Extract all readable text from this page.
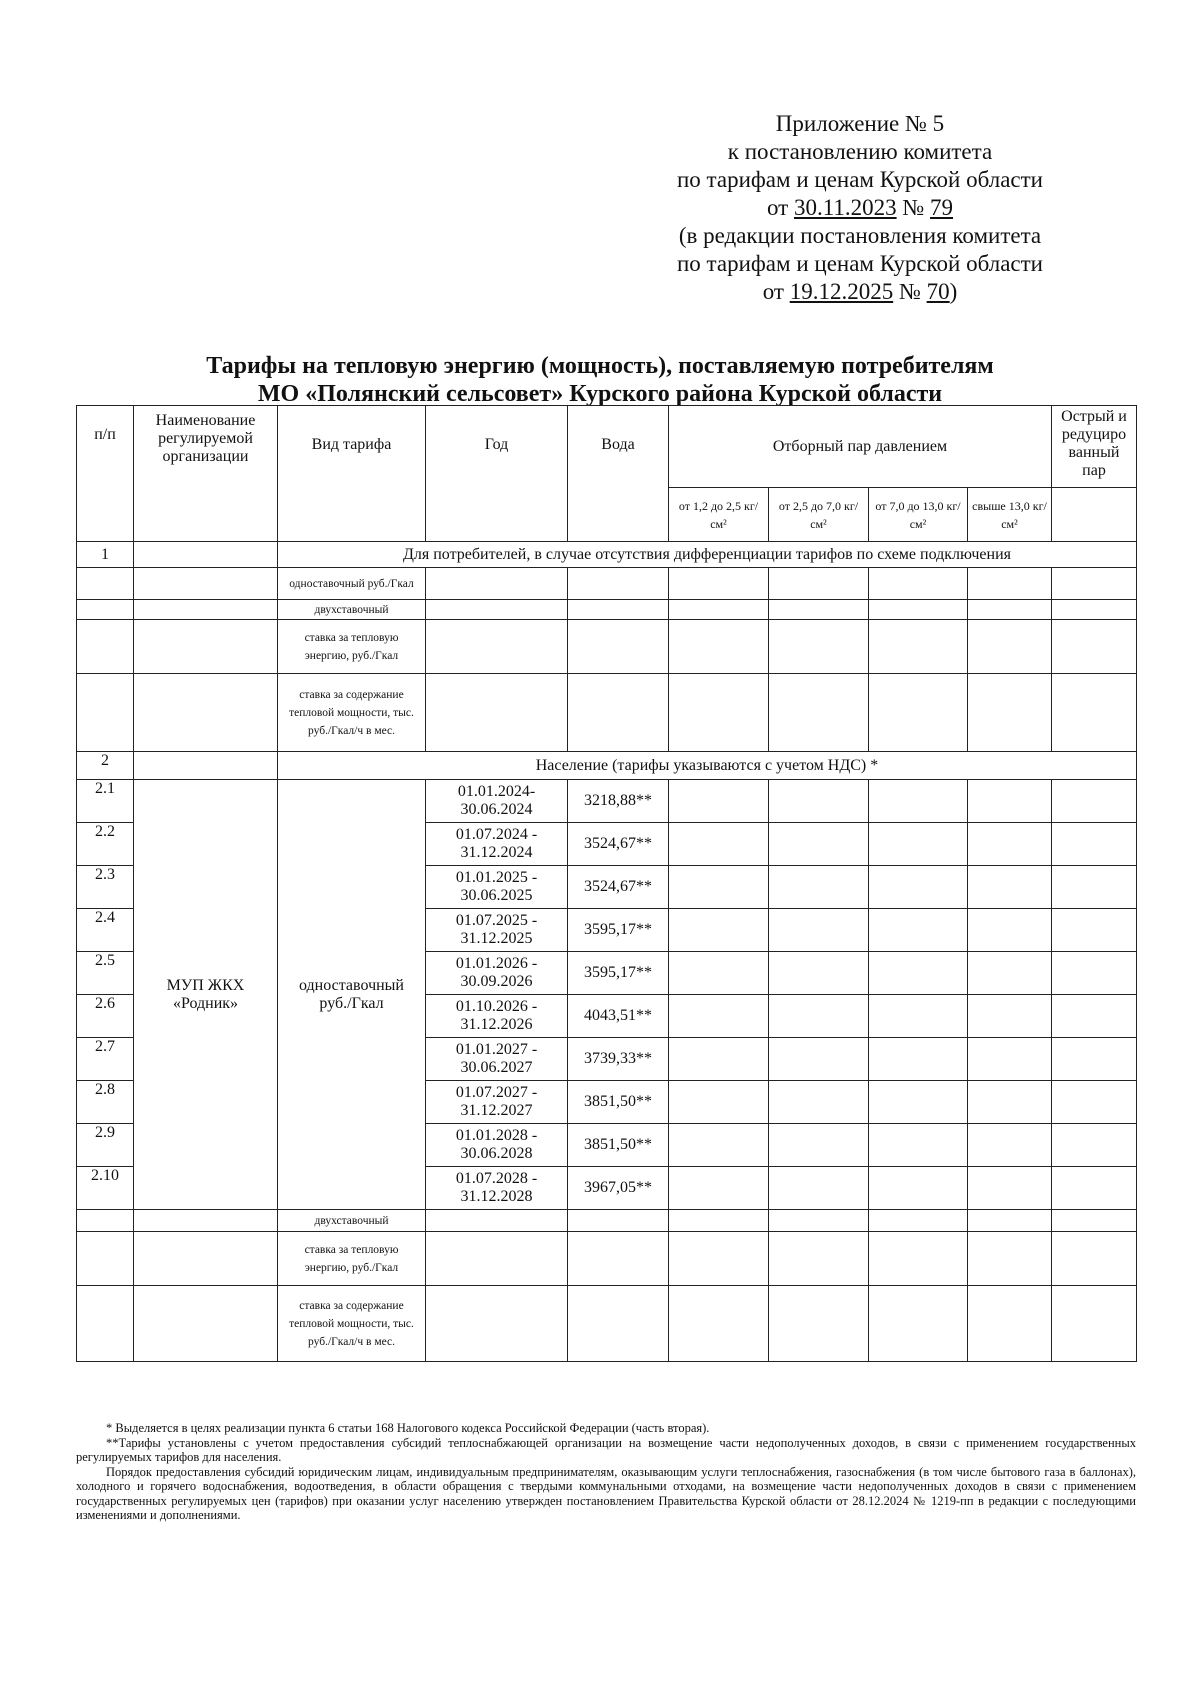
Приложение № 5
к постановлению комитета
по тарифам и ценам Курской области
от 30.11.2023 № 79
(в редакции постановления комитета
по тарифам и ценам Курской области
от 19.12.2025 № 70)
Тарифы на тепловую энергию (мощность), поставляемую потребителям
МО «Полянский сельсовет» Курского района Курской области
п/п	Наименование регулируемой организации	Вид тарифа	Год	Вода	Отборный пар давлением				Острый и редуциро ванный пар
					от 1,2 до 2,5 кг/см²	от 2,5 до 7,0 кг/см²	от 7,0 до 13,0 кг/см²	свыше 13,0 кг/см²	
1		Для потребителей, в случае отсутствия дифференциации тарифов по схеме подключения							
		одноставочный руб./Гкал							
		двухставочный							
		ставка за тепловую энергию, руб./Гкал							
		ставка за содержание тепловой мощности, тыс. руб./Гкал/ч в мес.							
2		Население (тарифы указываются с учетом НДС) *							
2.1	МУП ЖКХ «Родник»	одноставочный руб./Гкал	01.01.2024-30.06.2024	3218,88**					
2.2			01.07.2024 - 31.12.2024	3524,67**					
2.3			01.01.2025 - 30.06.2025	3524,67**					
2.4			01.07.2025 - 31.12.2025	3595,17**					
2.5			01.01.2026 - 30.09.2026	3595,17**					
2.6			01.10.2026 - 31.12.2026	4043,51**					
2.7			01.01.2027 - 30.06.2027	3739,33**					
2.8			01.07.2027 - 31.12.2027	3851,50**					
2.9			01.01.2028 - 30.06.2028	3851,50**					
2.10			01.07.2028 - 31.12.2028	3967,05**					
		двухставочный							
		ставка за тепловую энергию, руб./Гкал							
		ставка за содержание тепловой мощности, тыс. руб./Гкал/ч в мес.							

* Выделяется в целях реализации пункта 6 статьи 168 Налогового кодекса Российской Федерации (часть вторая).

**Тарифы установлены с учетом предоставления субсидий теплоснабжающей организации на возмещение части недополученных доходов, в связи с применением государственных регулируемых тарифов для населения.

Порядок предоставления субсидий юридическим лицам, индивидуальным предпринимателям, оказывающим услуги теплоснабжения, газоснабжения (в том числе бытового газа в баллонах), холодного и горячего водоснабжения, водоотведения, в области обращения с твердыми коммунальными отходами, на возмещение части недополученных доходов в связи с применением государственных регулируемых цен (тарифов) при оказании услуг населению утвержден постановлением Правительства Курской области от 28.12.2024 № 1219-пп в редакции с последующими изменениями и дополнениями.
